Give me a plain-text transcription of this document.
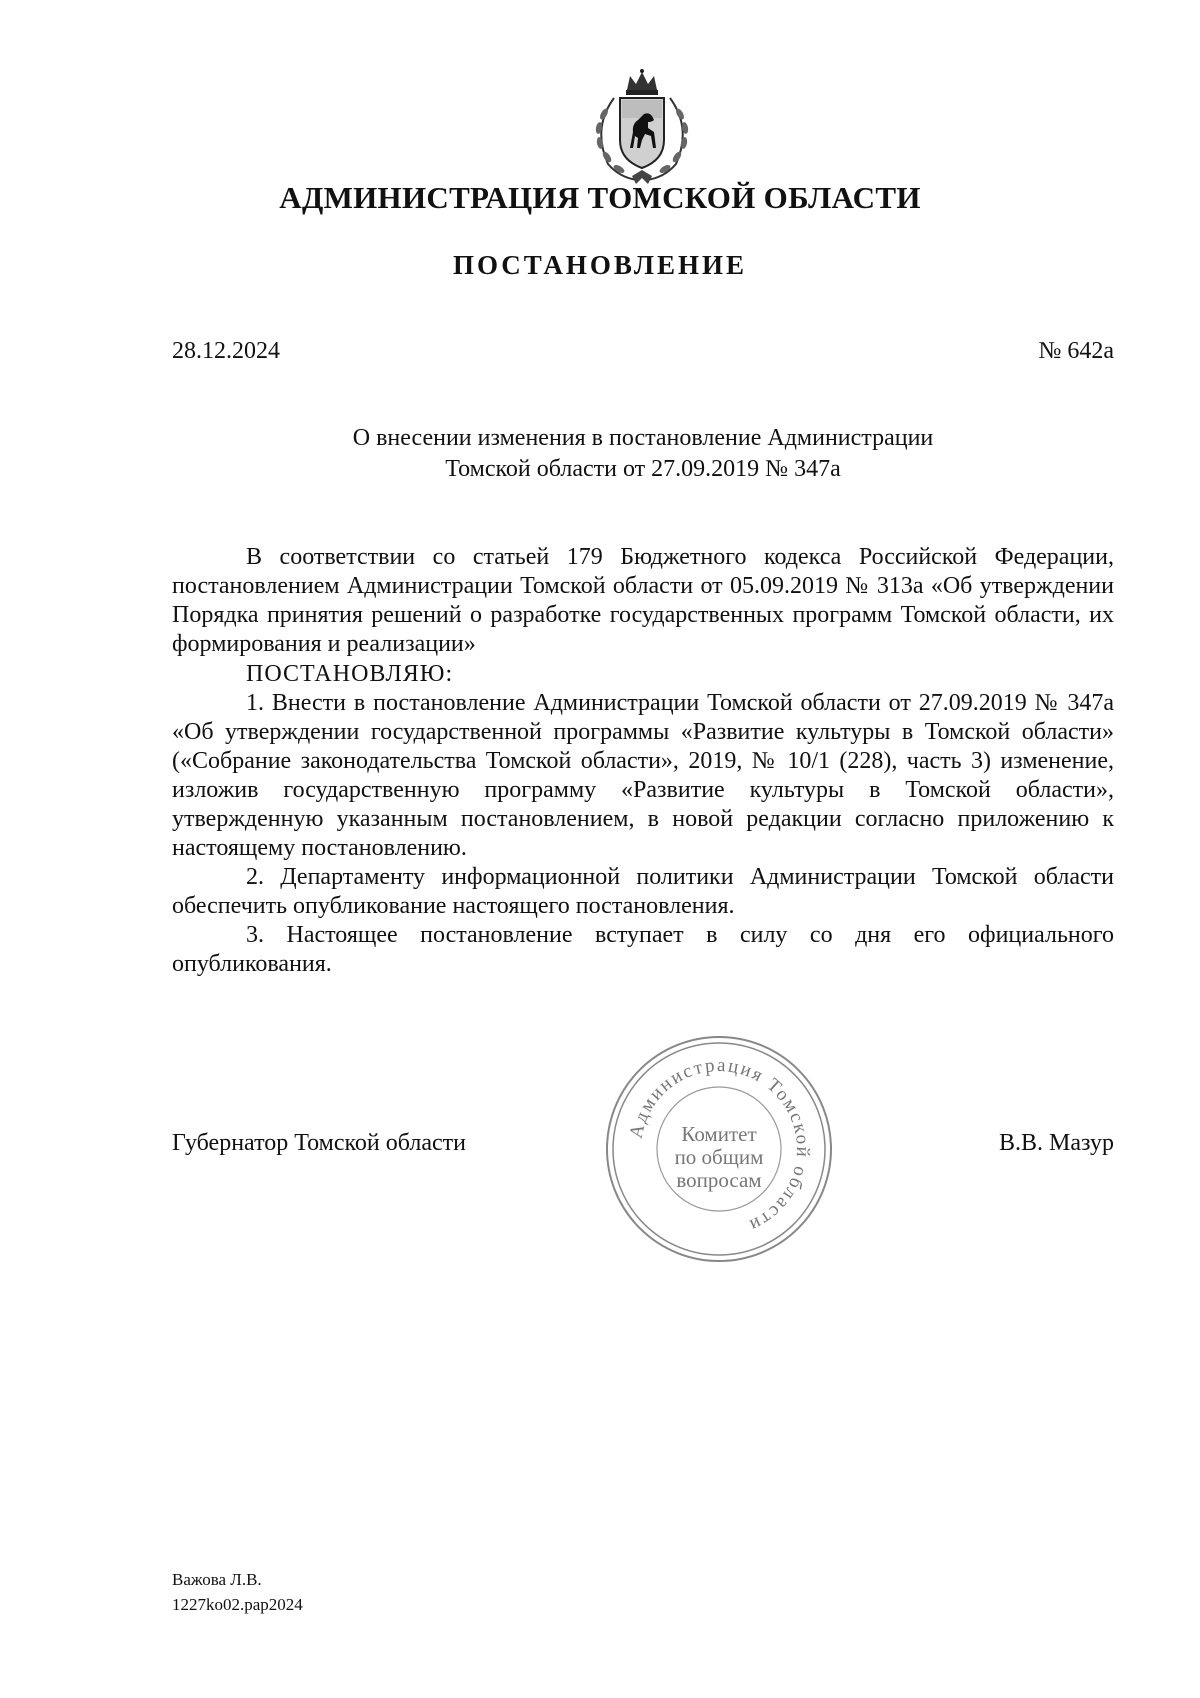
АДМИНИСТРАЦИЯ ТОМСКОЙ ОБЛАСТИ
ПОСТАНОВЛЕНИЕ
28.12.2024	№ 642а
О внесении изменения в постановление Администрации
Томской области от 27.09.2019 № 347а

В соответствии со статьей 179 Бюджетного кодекса Российской Федерации, постановлением Администрации Томской области от 05.09.2019 № 313а «Об утверждении Порядка принятия решений о разработке государственных программ Томской области, их формирования и реализации»

ПОСТАНОВЛЯЮ:

1. Внести в постановление Администрации Томской области от 27.09.2019 № 347а «Об утверждении государственной программы «Развитие культуры в Томской области» («Собрание законодательства Томской области», 2019, № 10/1 (228), часть 3) изменение, изложив государственную программу «Развитие культуры в Томской области», утвержденную указанным постановлением, в новой редакции согласно приложению к настоящему постановлению.

2. Департаменту информационной политики Администрации Томской области обеспечить опубликование настоящего постановления.

3. Настоящее постановление вступает в силу со дня его официального опубликования.

Губернатор Томской области	В.В. Мазур
Администрация Томской области
Комитет
по общим
вопросам
Важова Л.В.
1227ko02.pap2024
